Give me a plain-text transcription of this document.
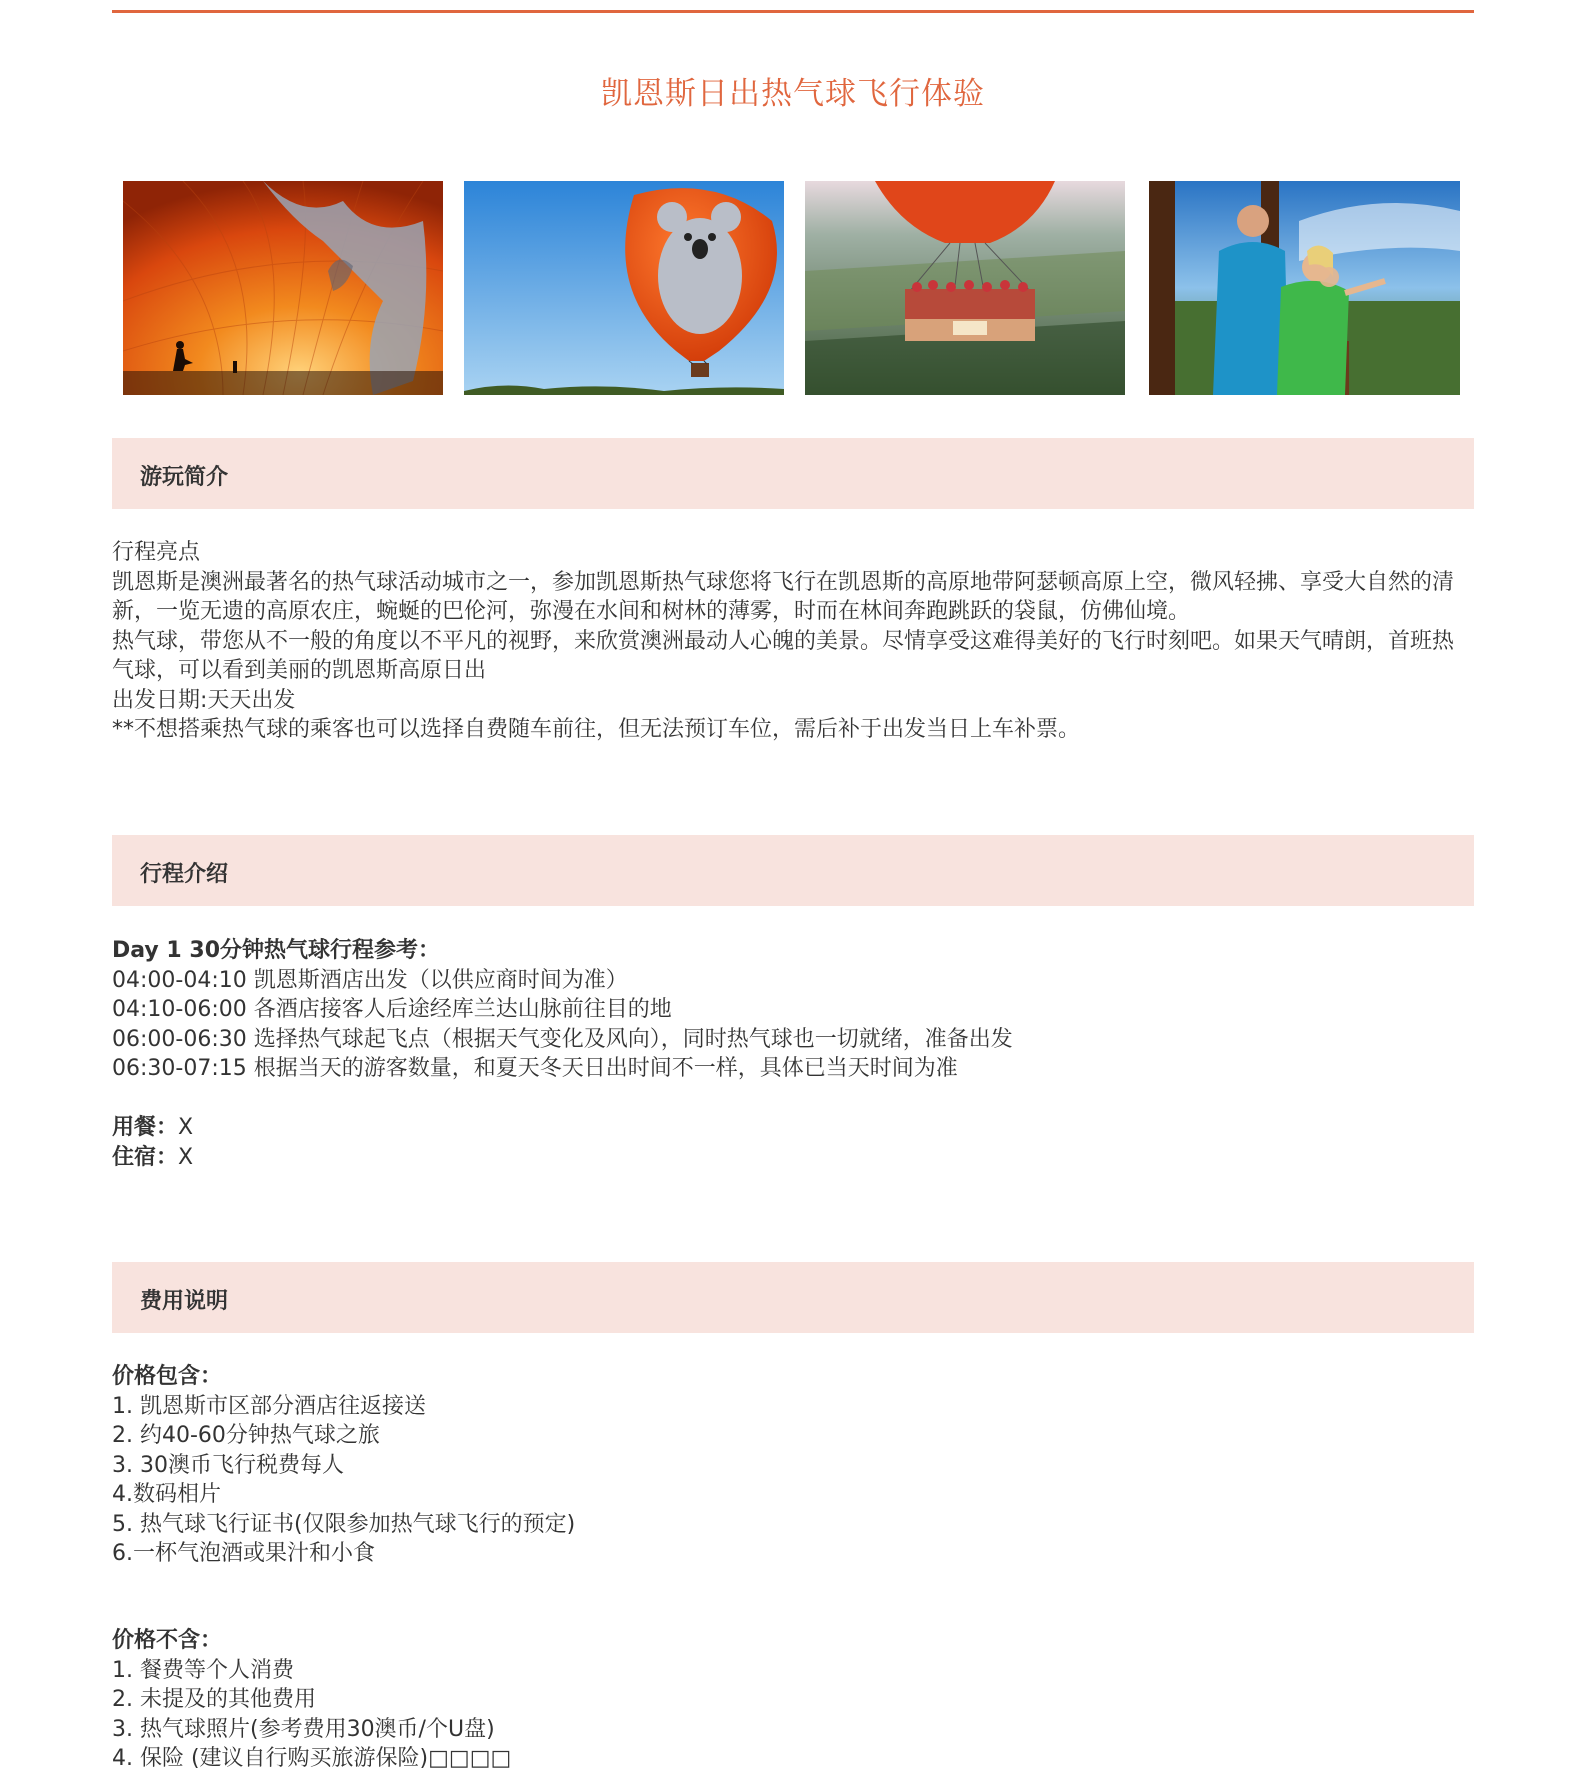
凯恩斯日出热气球飞行体验
游玩简介
行程亮点
凯恩斯是澳洲最著名的热气球活动城市之一，参加凯恩斯热气球您将飞行在凯恩斯的高原地带阿瑟顿高原上空，微风轻拂、享受大自然的清新，一览无遗的高原农庄，蜿蜒的巴伦河，弥漫在水间和树林的薄雾，时而在林间奔跑跳跃的袋鼠，仿佛仙境。
热气球，带您从不一般的角度以不平凡的视野，来欣赏澳洲最动人心魄的美景。尽情享受这难得美好的飞行时刻吧。如果天气晴朗，首班热气球，可以看到美丽的凯恩斯高原日出
出发日期:天天出发
**不想搭乘热气球的乘客也可以选择自费随车前往，但无法预订车位，需后补于出发当日上车补票。
行程介绍
Day 1 30分钟热气球行程参考：
04:00-04:10 凯恩斯酒店出发（以供应商时间为准）
04:10-06:00 各酒店接客人后途经库兰达山脉前往目的地
06:00-06:30 选择热气球起飞点（根据天气变化及风向），同时热气球也一切就绪，准备出发
06:30-07:15 根据当天的游客数量，和夏天冬天日出时间不一样，具体已当天时间为准
用餐：X
住宿：X
费用说明
价格包含：
1. 凯恩斯市区部分酒店往返接送
2. 约40-60分钟热气球之旅
3. 30澳币飞行税费每人
4.数码相片
5. 热气球飞行证书(仅限参加热气球飞行的预定)
6.一杯气泡酒或果汁和小食
价格不含：
1. 餐费等个人消费
2. 未提及的其他费用
3. 热气球照片(参考费用30澳币/个U盘)
4. 保险 (建议自行购买旅游保险)□□□□
